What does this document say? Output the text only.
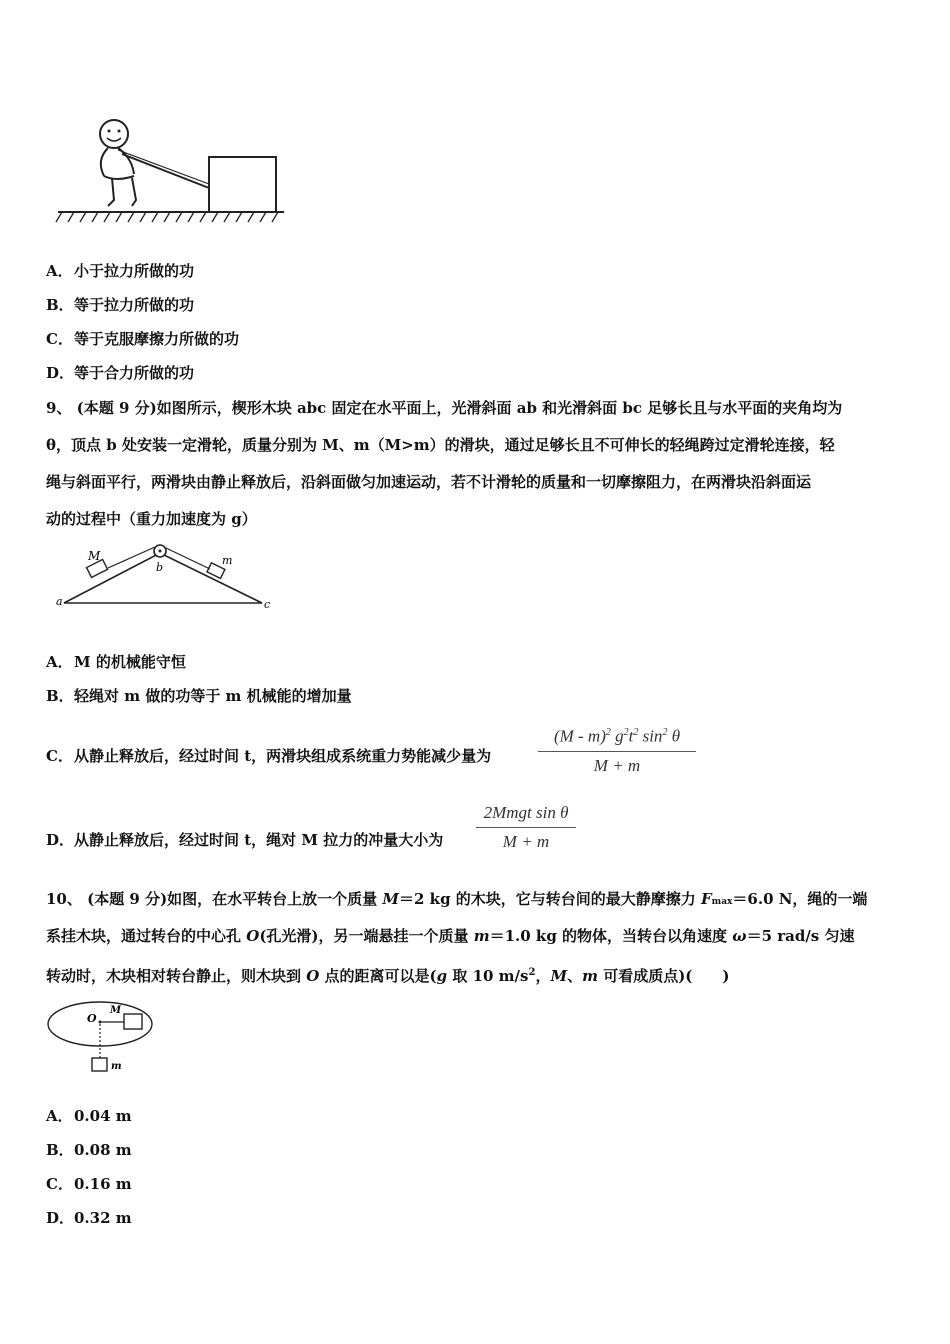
A．小于拉力所做的功
B．等于拉力所做的功
C．等于克服摩擦力所做的功
D．等于合力所做的功
9、 (本题 9 分)如图所示，楔形木块 abc 固定在水平面上，光滑斜面 ab 和光滑斜面 bc 足够长且与水平面的夹角均为
θ，顶点 b 处安装一定滑轮，质量分别为 M、m（M>m）的滑块，通过足够长且不可伸长的轻绳跨过定滑轮连接，轻
绳与斜面平行，两滑块由静止释放后，沿斜面做匀加速运动，若不计滑轮的质量和一切摩擦阻力，在两滑块沿斜面运
动的过程中（重力加速度为 g）
M
b
m
a	c
A．M 的机械能守恒
B．轻绳对 m 做的功等于 m 机械能的增加量
C．从静止释放后，经过时间 t，两滑块组成系统重力势能减少量为
(M - m)$^2$ $g^2t^2$ $\sin^2 \theta$
M + m
D．从静止释放后，经过时间 t，绳对 M 拉力的冲量大小为
2Mmgt sin θ
M + m
10、 (本题 9 分)如图，在水平转台上放一个质量 M＝2 kg 的木块，它与转台间的最大静摩擦力 Fmax＝6.0 N，绳的一端
系挂木块，通过转台的中心孔 O(孔光滑)，另一端悬挂一个质量 m＝1.0 kg 的物体，当转台以角速度 ω＝5 rad/s 匀速
转动时，木块相对转台静止，则木块到 O 点的距离可以是(g 取 10 $m/s^2$，M、m 可看成质点)(　　)
O
M
m
A．0.04 m
B．0.08 m
C．0.16 m
D．0.32 m
